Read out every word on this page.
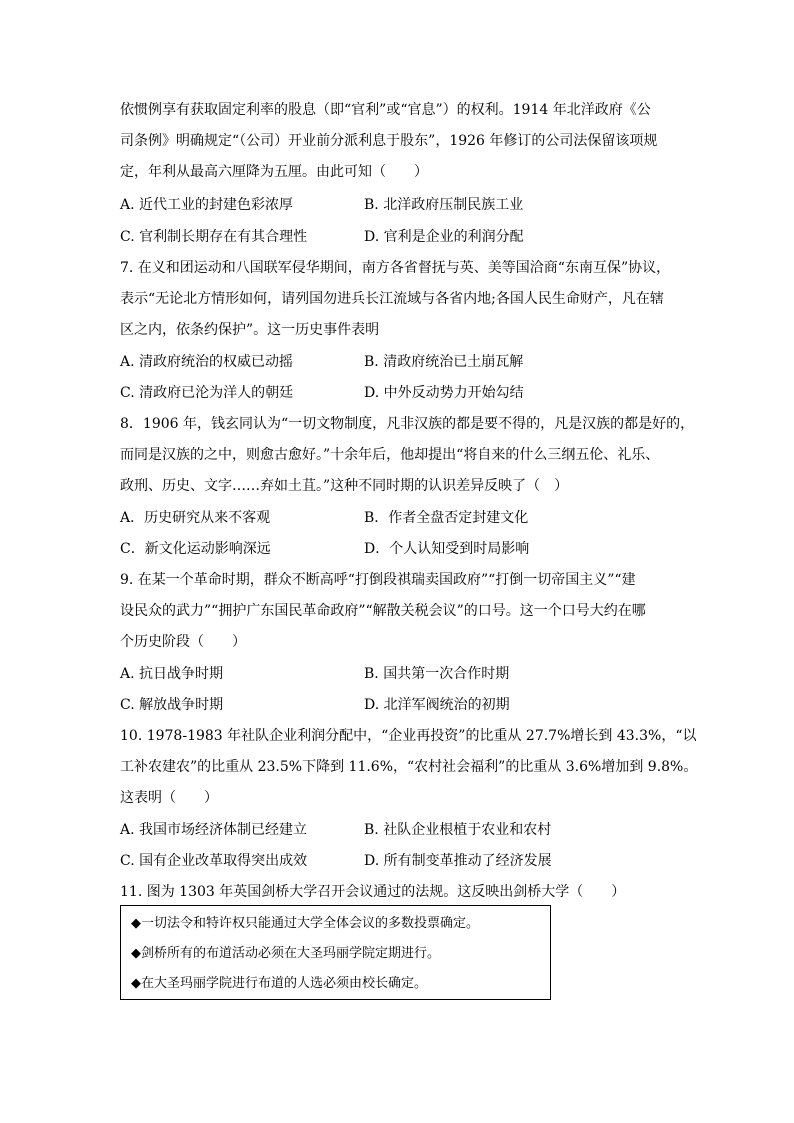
依惯例享有获取固定利率的股息（即“官利”或“官息”）的权利。1914 年北洋政府《公
司条例》明确规定“（公司）开业前分派利息于股东”，1926 年修订的公司法保留该项规
定，年利从最高六厘降为五厘。由此可知（　　）
A. 近代工业的封建色彩浓厚	B. 北洋政府压制民族工业
C. 官利制长期存在有其合理性	D. 官利是企业的利润分配
7. 在义和团运动和八国联军侵华期间，南方各省督抚与英、美等国洽商“东南互保”协议，
表示“无论北方情形如何，请列国勿进兵长江流域与各省内地;各国人民生命财产，凡在辖
区之内，依条约保护”。这一历史事件表明
A. 清政府统治的权威已动摇	B. 清政府统治已土崩瓦解
C. 清政府已沦为洋人的朝廷	D. 中外反动势力开始勾结
8．1906 年，钱玄同认为“一切文物制度，凡非汉族的都是要不得的，凡是汉族的都是好的，
而同是汉族的之中，则愈古愈好。”十余年后，他却提出“将自来的什么三纲五伦、礼乐、
政刑、历史、文字……弃如土苴。”这种不同时期的认识差异反映了（　）
A．历史研究从来不客观	B．作者全盘否定封建文化
C．新文化运动影响深远	D．个人认知受到时局影响
9. 在某一个革命时期，群众不断高呼“打倒段祺瑞卖国政府”“打倒一切帝国主义”“建
设民众的武力”“拥护广东国民革命政府”“解散关税会议”的口号。这一个口号大约在哪
个历史阶段（　　）
A. 抗日战争时期	B. 国共第一次合作时期
C. 解放战争时期	D. 北洋军阀统治的初期
10. 1978-1983 年社队企业利润分配中，“企业再投资”的比重从 27.7%增长到 43.3%，“以
工补农建农”的比重从 23.5%下降到 11.6%，“农村社会福利”的比重从 3.6%增加到 9.8%。
这表明（　　）
A. 我国市场经济体制已经建立	B. 社队企业根植于农业和农村
C. 国有企业改革取得突出成效	D. 所有制变革推动了经济发展
11. 图为 1303 年英国剑桥大学召开会议通过的法规。这反映出剑桥大学（　　）
◆一切法令和特许权只能通过大学全体会议的多数投票确定。
◆剑桥所有的布道活动必须在大圣玛丽学院定期进行。
◆在大圣玛丽学院进行布道的人选必须由校长确定。
